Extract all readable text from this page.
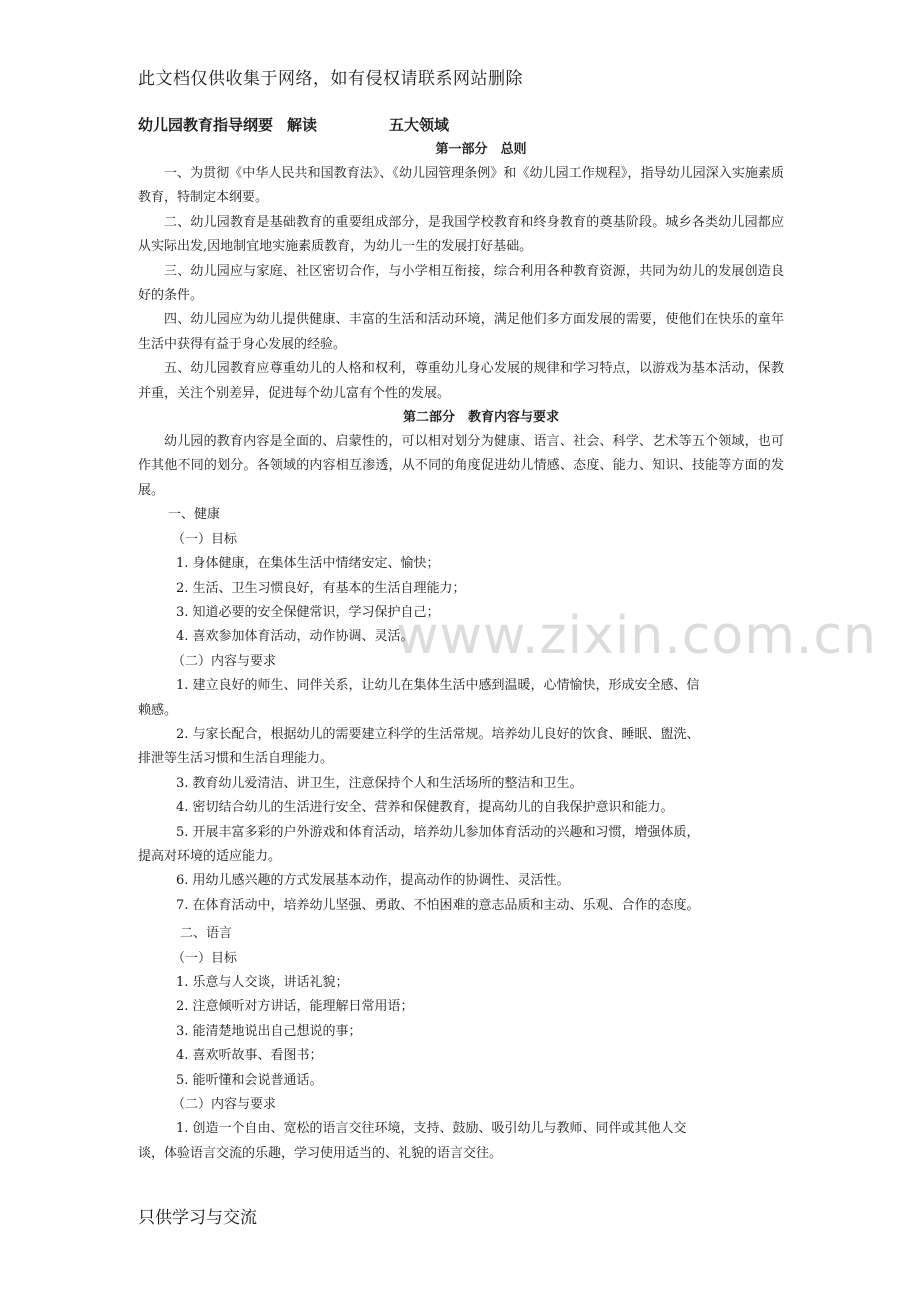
此文档仅供收集于网络，如有侵权请联系网站删除
www.zixin.com.cn
幼儿园教育指导纲要 解读	五大领域
第一部分　总则
一、为贯彻《中华人民共和国教育法》、《幼儿园管理条例》和《幼儿园工作规程》，指导幼儿园深入实施素质教育，特制定本纲要。
二、幼儿园教育是基础教育的重要组成部分，是我国学校教育和终身教育的奠基阶段。城乡各类幼儿园都应从实际出发,因地制宜地实施素质教育，为幼儿一生的发展打好基础。
三、幼儿园应与家庭、社区密切合作，与小学相互衔接，综合利用各种教育资源，共同为幼儿的发展创造良好的条件。
四、幼儿园应为幼儿提供健康、丰富的生活和活动环境，满足他们多方面发展的需要，使他们在快乐的童年生活中获得有益于身心发展的经验。
五、幼儿园教育应尊重幼儿的人格和权利，尊重幼儿身心发展的规律和学习特点，以游戏为基本活动，保教并重，关注个别差异，促进每个幼儿富有个性的发展。
第二部分　教育内容与要求
幼儿园的教育内容是全面的、启蒙性的，可以相对划分为健康、语言、社会、科学、艺术等五个领域，也可作其他不同的划分。各领域的内容相互渗透，从不同的角度促进幼儿情感、态度、能力、知识、技能等方面的发展。
一、健康
（一）目标
1. 身体健康，在集体生活中情绪安定、愉快；
2. 生活、卫生习惯良好，有基本的生活自理能力；
3. 知道必要的安全保健常识，学习保护自己；
4. 喜欢参加体育活动，动作协调、灵活。
（二）内容与要求
1. 建立良好的师生、同伴关系，让幼儿在集体生活中感到温暖，心情愉快，形成安全感、信赖感。
2. 与家长配合，根据幼儿的需要建立科学的生活常规。培养幼儿良好的饮食、睡眠、盥洗、排泄等生活习惯和生活自理能力。
3. 教育幼儿爱清洁、讲卫生，注意保持个人和生活场所的整洁和卫生。
4. 密切结合幼儿的生活进行安全、营养和保健教育，提高幼儿的自我保护意识和能力。
5. 开展丰富多彩的户外游戏和体育活动，培养幼儿参加体育活动的兴趣和习惯，增强体质，提高对环境的适应能力。
6. 用幼儿感兴趣的方式发展基本动作，提高动作的协调性、灵活性。
7. 在体育活动中，培养幼儿坚强、勇敢、不怕困难的意志品质和主动、乐观、合作的态度。
二、语言
（一）目标
1. 乐意与人交谈，讲话礼貌；
2. 注意倾听对方讲话，能理解日常用语；
3. 能清楚地说出自己想说的事；
4. 喜欢听故事、看图书；
5. 能听懂和会说普通话。
（二）内容与要求
1. 创造一个自由、宽松的语言交往环境，支持、鼓励、吸引幼儿与教师、同伴或其他人交谈，体验语言交流的乐趣，学习使用适当的、礼貌的语言交往。
只供学习与交流
